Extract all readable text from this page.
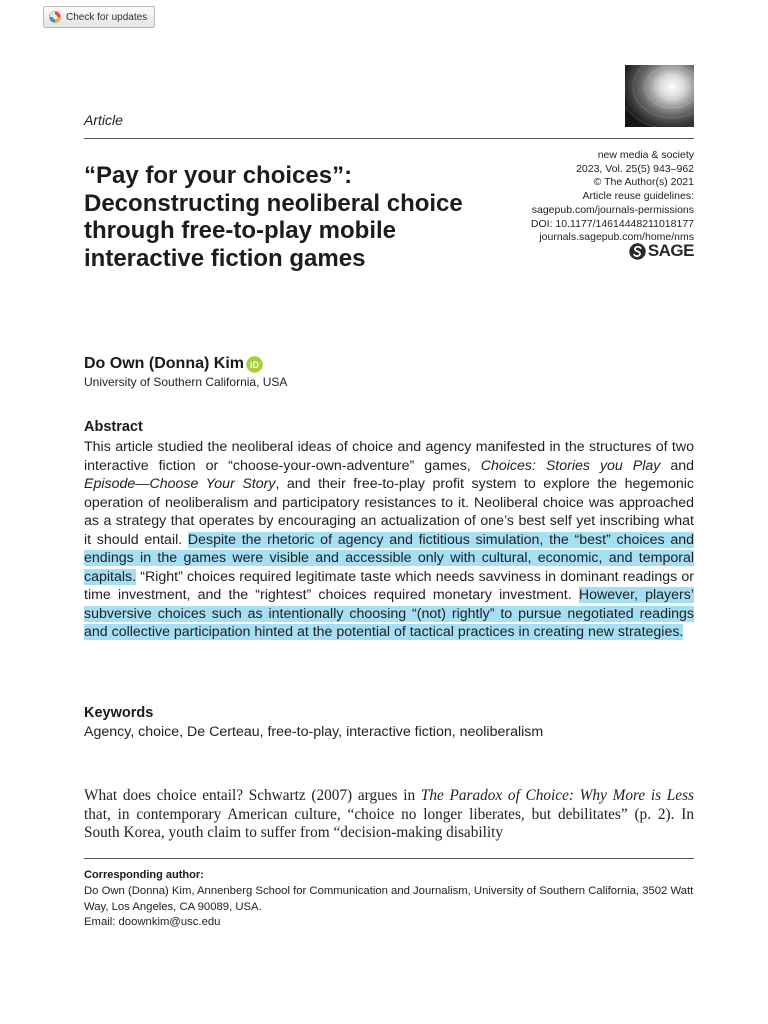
Check for updates
Article
“Pay for your choices”: Deconstructing neoliberal choice through free-to-play mobile interactive fiction games
new media & society
2023, Vol. 25(5) 943–962
© The Author(s) 2021
Article reuse guidelines:
sagepub.com/journals-permissions
DOI: 10.1177/14614448211018177
journals.sagepub.com/home/nms
SAGE
Do Own (Donna) Kim iD
University of Southern California, USA
Abstract

This article studied the neoliberal ideas of choice and agency manifested in the structures of two interactive fiction or “choose-your-own-adventure” games, Choices: Stories you Play and Episode—Choose Your Story, and their free-to-play profit system to explore the hegemonic operation of neoliberalism and participatory resistances to it. Neoliberal choice was approached as a strategy that operates by encouraging an actualization of one’s best self yet inscribing what it should entail. Despite the rhetoric of agency and fictitious simulation, the “best” choices and endings in the games were visible and accessible only with cultural, economic, and temporal capitals. “Right” choices required legitimate taste which needs savviness in dominant readings or time investment, and the “rightest” choices required monetary investment. However, players’ subversive choices such as intentionally choosing “(not) rightly” to pursue negotiated readings and collective participation hinted at the potential of tactical practices in creating new strategies.

Keywords
Agency, choice, De Certeau, free-to-play, interactive fiction, neoliberalism

What does choice entail? Schwartz (2007) argues in The Paradox of Choice: Why More is Less that, in contemporary American culture, “choice no longer liberates, but debilitates” (p. 2). In South Korea, youth claim to suffer from “decision-making disability

Corresponding author:
Do Own (Donna) Kim, Annenberg School for Communication and Journalism, University of Southern California, 3502 Watt Way, Los Angeles, CA 90089, USA.
Email: doownkim@usc.edu
